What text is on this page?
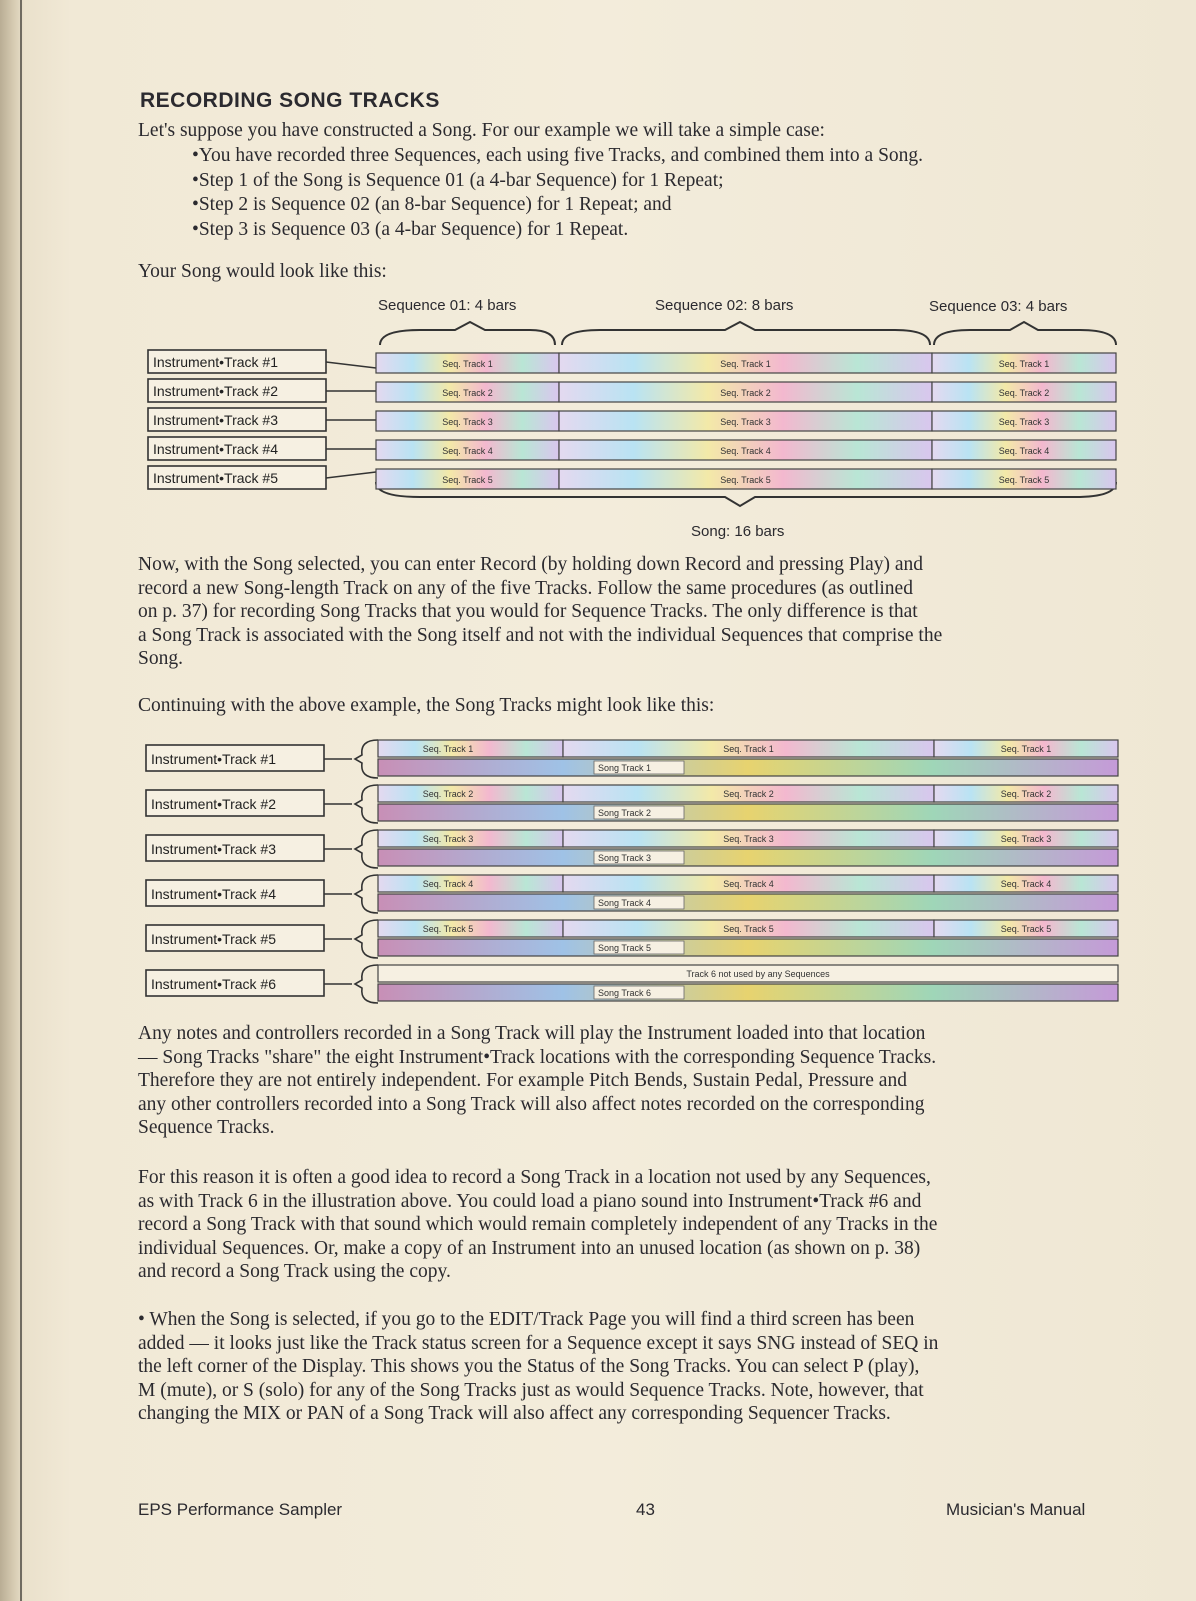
RECORDING SONG TRACKS
Let's suppose you have constructed a Song. For our example we will take a simple case:
• You have recorded three Sequences, each using five Tracks, and combined them into a Song.
• Step 1 of the Song is Sequence 01 (a 4-bar Sequence) for 1 Repeat;
• Step 2 is Sequence 02 (an 8-bar Sequence) for 1 Repeat; and
• Step 3 is Sequence 03 (a 4-bar Sequence) for 1 Repeat.
Your Song would look like this:
Sequence 01: 4 bars	Sequence 02: 8 bars	Sequence 03: 4 bars
Song: 16 bars
Now, with the Song selected, you can enter Record (by holding down Record and pressing Play) and
record a new Song-length Track on any of the five Tracks. Follow the same procedures (as outlined
on p. 37) for recording Song Tracks that you would for Sequence Tracks. The only difference is that
a Song Track is associated with the Song itself and not with the individual Sequences that comprise the
Song.
Continuing with the above example, the Song Tracks might look like this:
Any notes and controllers recorded in a Song Track will play the Instrument loaded into that location
— Song Tracks "share" the eight Instrument•Track locations with the corresponding Sequence Tracks.
Therefore they are not entirely independent. For example Pitch Bends, Sustain Pedal, Pressure and
any other controllers recorded into a Song Track will also affect notes recorded on the corresponding
Sequence Tracks.
For this reason it is often a good idea to record a Song Track in a location not used by any Sequences,
as with Track 6 in the illustration above. You could load a piano sound into Instrument•Track #6 and
record a Song Track with that sound which would remain completely independent of any Tracks in the
individual Sequences. Or, make a copy of an Instrument into an unused location (as shown on p. 38)
and record a Song Track using the copy.
• When the Song is selected, if you go to the EDIT/Track Page you will find a third screen has been
added — it looks just like the Track status screen for a Sequence except it says SNG instead of SEQ in
the left corner of the Display. This shows you the Status of the Song Tracks. You can select P (play),
M (mute), or S (solo) for any of the Song Tracks just as would Sequence Tracks. Note, however, that
changing the MIX or PAN of a Song Track will also affect any corresponding Sequencer Tracks.
EPS Performance Sampler	43	Musician's Manual
Instrument•Track #1	Seq. Track 1	Seq. Track 1	Seq. Track 1
Instrument•Track #2	Seq. Track 2	Seq. Track 2	Seq. Track 2
Instrument•Track #3	Seq. Track 3	Seq. Track 3	Seq. Track 3
Instrument•Track #4	Seq. Track 4	Seq. Track 4	Seq. Track 4
Instrument•Track #5	Seq. Track 5	Seq. Track 5	Seq. Track 5
Instrument•Track #1
Seq. Track 1	Seq. Track 1	Seq. Track 1
Song Track 1
Instrument•Track #2
Seq. Track 2	Seq. Track 2	Seq. Track 2
Song Track 2
Instrument•Track #3
Seq. Track 3	Seq. Track 3	Seq. Track 3
Song Track 3
Instrument•Track #4
Seq. Track 4	Seq. Track 4	Seq. Track 4
Song Track 4
Instrument•Track #5
Seq. Track 5	Seq. Track 5	Seq. Track 5
Song Track 5
Instrument•Track #6
Track 6 not used by any Sequences
Song Track 6
